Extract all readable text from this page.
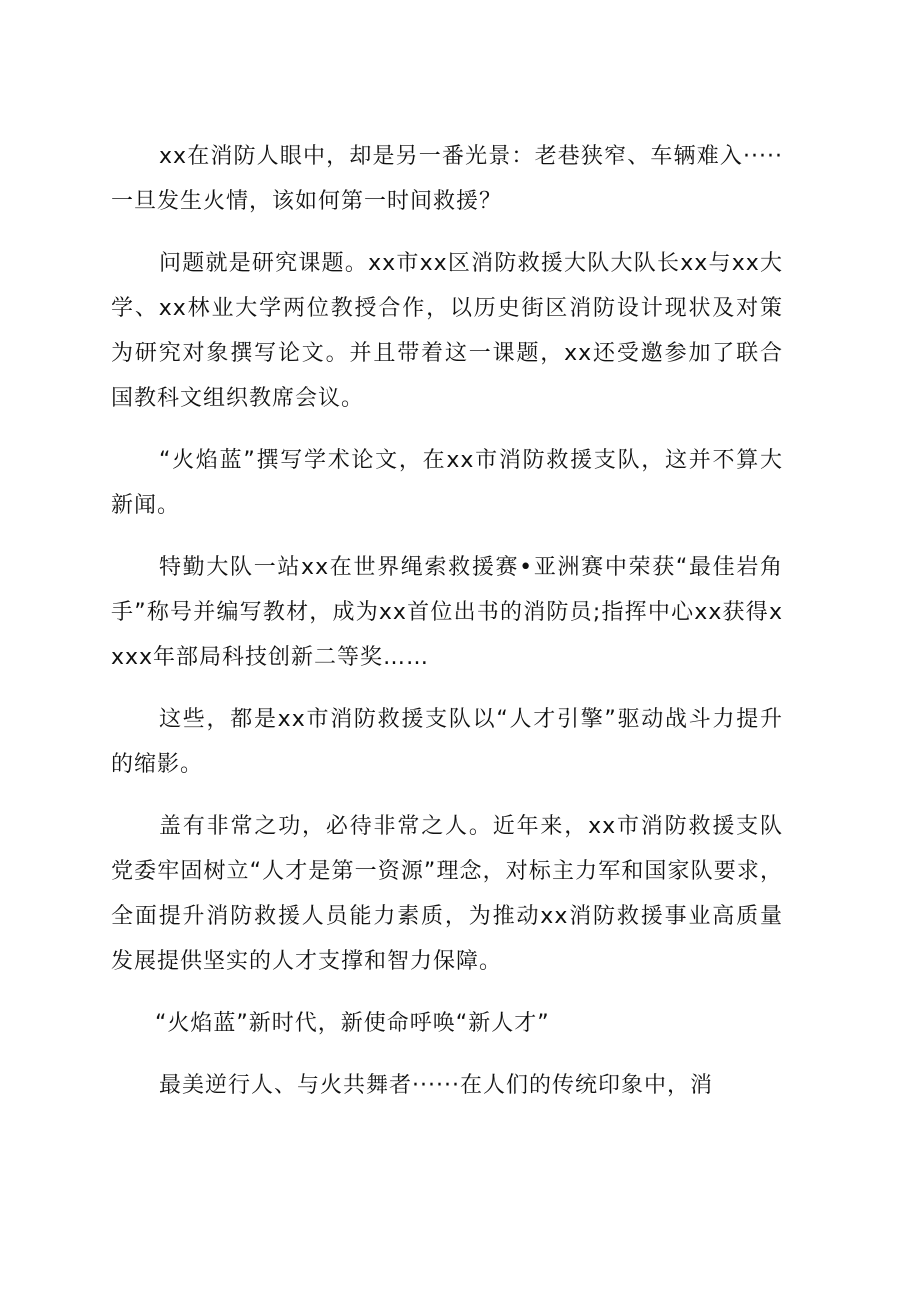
xx在消防人眼中，却是另一番光景：老巷狭窄、车辆难入·····一旦发生火情，该如何第一时间救援？

问题就是研究课题。xx市xx区消防救援大队大队长xx与xx大学、xx林业大学两位教授合作，以历史街区消防设计现状及对策为研究对象撰写论文。并且带着这一课题，xx还受邀参加了联合国教科文组织教席会议。

“火焰蓝”撰写学术论文，在xx市消防救援支队，这并不算大新闻。

特勤大队一站xx在世界绳索救援赛•亚洲赛中荣获“最佳岩角手”称号并编写教材，成为xx首位出书的消防员;指挥中心xx获得xxxx年部局科技创新二等奖……

这些，都是xx市消防救援支队以“人才引擎”驱动战斗力提升的缩影。

盖有非常之功，必待非常之人。近年来，xx市消防救援支队党委牢固树立“人才是第一资源”理念，对标主力军和国家队要求，全面提升消防救援人员能力素质，为推动xx消防救援事业高质量发展提供坚实的人才支撑和智力保障。

“火焰蓝”新时代，新使命呼唤“新人才”

最美逆行人、与火共舞者······在人们的传统印象中，消
